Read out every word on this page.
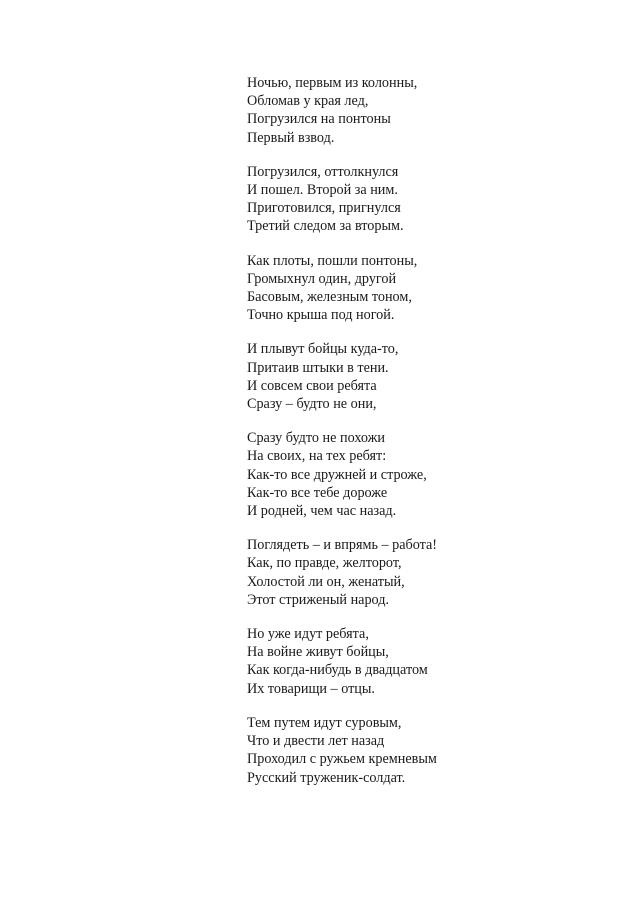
Ночью, первым из колонны,
Обломав у края лед,
Погрузился на понтоны
Первый взвод.
Погрузился, оттолкнулся
И пошел. Второй за ним.
Приготовился, пригнулся
Третий следом за вторым.
Как плоты, пошли понтоны,
Громыхнул один, другой
Басовым, железным тоном,
Точно крыша под ногой.
И плывут бойцы куда-то,
Притаив штыки в тени.
И совсем свои ребята
Сразу – будто не они,
Сразу будто не похожи
На своих, на тех ребят:
Как-то все дружней и строже,
Как-то все тебе дороже
И родней, чем час назад.
Поглядеть – и впрямь – работа!
Как, по правде, желторот,
Холостой ли он, женатый,
Этот стриженый народ.
Но уже идут ребята,
На войне живут бойцы,
Как когда-нибудь в двадцатом
Их товарищи – отцы.
Тем путем идут суровым,
Что и двести лет назад
Проходил с ружьем кремневым
Русский труженик-солдат.
